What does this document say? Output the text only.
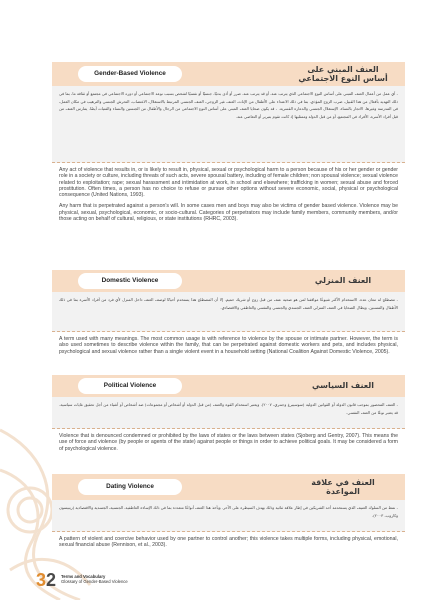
Gender-Based Violence	العنف المبني على أساس النوع الاجتماعي
- أي عمل من أعمال العنف المبني على أساس النوع الاجتماعي الذي يترتب عنه، أو قد يترتب عنه، ضرر أو أذى بدنيًا، جنسيًا أو نفسيًا لشخص بسبب نوعه الاجتماعي أو دوره الاجتماعي في مجتمع أو ثقافة ما، بما في ذلك التهديد بأفعال من هذا القبيل، ضرب الزوج المؤذي، بما في ذلك الاعتداء على الأطفال من الإناث، العنف غير الزوجي، العنف الجنسي المرتبط بالاستغلال، الاغتصاب، التحرش الجنسي والترهيب في مكان العمل، في المدرسة وغيرها، الاتجار بالنساء، الإستغلال الجنسي والدعارة القسرية. - قد يكون ضحايا العنف المبني على أساس النوع الاجتماعي من الرجال والأطفال من الجنسين والنساء والفتيات أيضًا. يمارس العنف من قبل أفراد الأسرة، الأفراد في المجتمع، أو من قبل الدولة وممثليها إذ كانت تقوم بتبرير أو التغاضي عنه.

Any act of violence that results in, or is likely to result in, physical, sexual or psychological harm to a person because of his or her gender or gender role in a society or culture, including threats of such acts, severe spousal battery, including of female children; non spousal violence; sexual violence related to exploitation; rape; sexual harassment and intimidation at work, in school and elsewhere; trafficking in women; sexual abuse and forced prostitution. Often times, a person has no choice to refuse or pursue other options without severe economic, social, physical or psychological consequence (United Nations, 1993).

Any harm that is perpetrated against a person's will. In some cases men and boys may also be victims of gender based violence. Violence may be physical, sexual, psychological, economic, or socio-cultural. Categories of perpetrators may include family members, community members, and/or those acting on behalf of cultural, religious, or state institutions (RHRC, 2003).

Domestic Violence	العنف المنزلي
- مصطلح له معان عدة. الاستخدام الأكثر شيوعًا مواقفنا لمن هو ضحية عنف من قبل زوج أو شريك حميم. إلا أن المصطلح هذا يستخدم أحيانًا لوصف العنف داخل المنزل لأي فرد من أفراد الأسرة بما في ذلك الأطفال والمسنين. ويطال الضحايا في العنف المنزلي العنف الجسدي والجنسي والنفسي والعاطفي والاقتصادي.

A term used with many meanings. The most common usage is with reference to violence by the spouse or intimate partner. However, the term is also used sometimes to describe violence within the family, that can be perpetrated against domestic workers and pets, and includes physical, psychological and sexual violence rather than a single violent event in a household setting (National Coalition Against Domestic Violence, 2005).

Political Violence	العنف السياسي
- العنف المحصور بموجب قانون الدولة أو القوانين الدولية (سوسيبرغ وجنتري، ٢٠٠٧). ويعتبر استخدام القوة والعنف (من قبل الدولة أو أشخاص أو مجموعات) ضد أشخاص أو أشياء من أجل تحقيق غايات سياسية. قد يعتبر نوعًا من العنف النفسي.

Violence that is denounced condemned or prohibited by the laws of states or the laws between states (Sjoberg and Gentry, 2007). This means the use of force and violence (by people or agents of the state) against people or things in order to achieve political goals. It may be considered a form of psychological violence.

Dating Violence	العنف في علاقة المواعدة
- نمط من السلوك العنيف الذي يستخدمه أحد الشريكين في إطار علاقة ثنائية وذلك بهدف السيطرة على الآخر. ويأخذ هذا العنف أنواعًا متعددة بما في ذلك الإساءة العاطفية، الجنسية، الجسدية والاقتصادية (رينيسون وكاروب، ٢٠٠٣).

A pattern of violent and coercive behavior used by one partner to control another; this violence takes multiple forms, including physical, emotional, sexual financial abuse (Rennison, et al., 2003).

32 Terms and Vocabulary
Glossary of Gender-Based Violence
